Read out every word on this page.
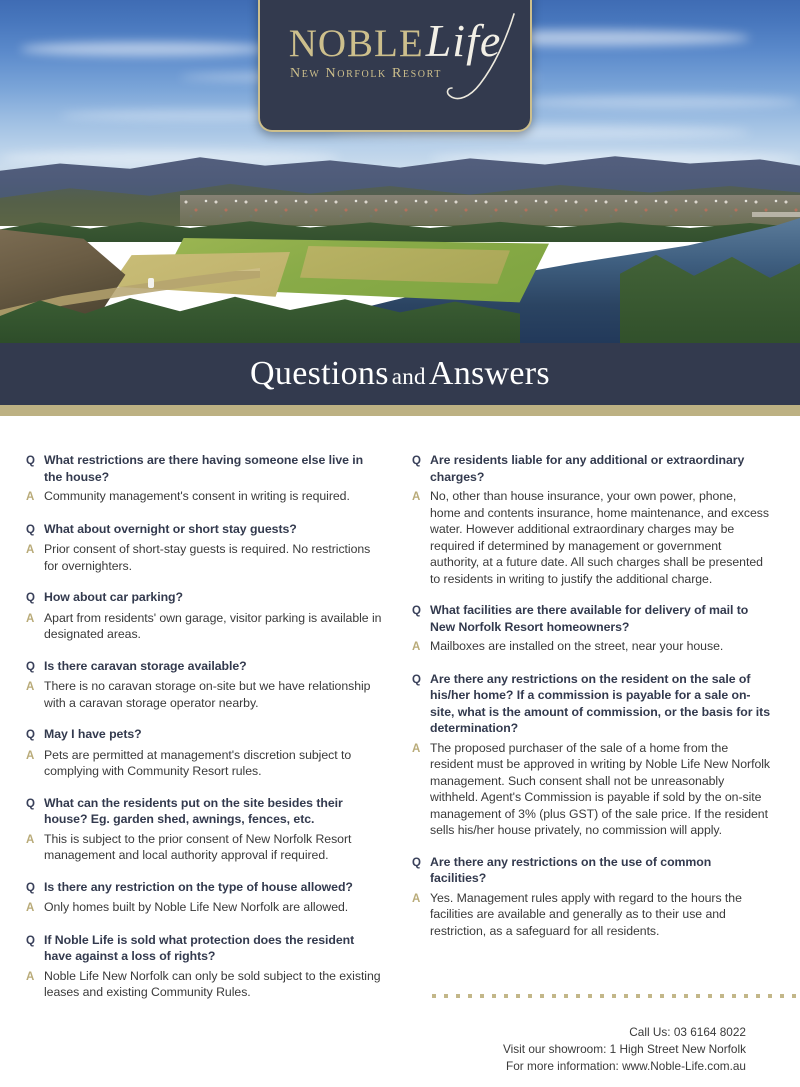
NOBLELife
New Norfolk Resort
Questions andAnswers
Q What restrictions are there having someone else live in the house?
A Community management's consent in writing is required.
Q What about overnight or short stay guests?
A Prior consent of short-stay guests is required. No restrictions for overnighters.
Q How about car parking?
A Apart from residents' own garage, visitor parking is available in designated areas.
Q Is there caravan storage available?
A There is no caravan storage on-site but we have relationship with a caravan storage operator nearby.
Q May I have pets?
A Pets are permitted at management's discretion subject to complying with Community Resort rules.
Q What can the residents put on the site besides their house? Eg. garden shed, awnings, fences, etc.
A This is subject to the prior consent of New Norfolk Resort management and local authority approval if required.
Q Is there any restriction on the type of house allowed?
A Only homes built by Noble Life New Norfolk are allowed.
Q If Noble Life is sold what protection does the resident have against a loss of rights?
A Noble Life New Norfolk can only be sold subject to the existing leases and existing Community Rules.
Q Are residents liable for any additional or extraordinary charges?
A No, other than house insurance, your own power, phone, home and contents insurance, home maintenance, and excess water. However additional extraordinary charges may be required if determined by management or government authority, at a future date. All such charges shall be presented to residents in writing to justify the additional charge.
Q What facilities are there available for delivery of mail to New Norfolk Resort homeowners?
A Mailboxes are installed on the street, near your house.
Q Are there any restrictions on the resident on the sale of his/her home? If a commission is payable for a sale on-site, what is the amount of commission, or the basis for its determination?
A The proposed purchaser of the sale of a home from the resident must be approved in writing by Noble Life New Norfolk management. Such consent shall not be unreasonably withheld. Agent's Commission is payable if sold by the on-site management of 3% (plus GST) of the sale price. If the resident sells his/her house privately, no commission will apply.
Q Are there any restrictions on the use of common facilities?
A Yes. Management rules apply with regard to the hours the facilities are available and generally as to their use and restriction, as a safeguard for all residents.
Call Us: 03 6164 8022
Visit our showroom: 1 High Street New Norfolk
For more information: www.Noble-Life.com.au
